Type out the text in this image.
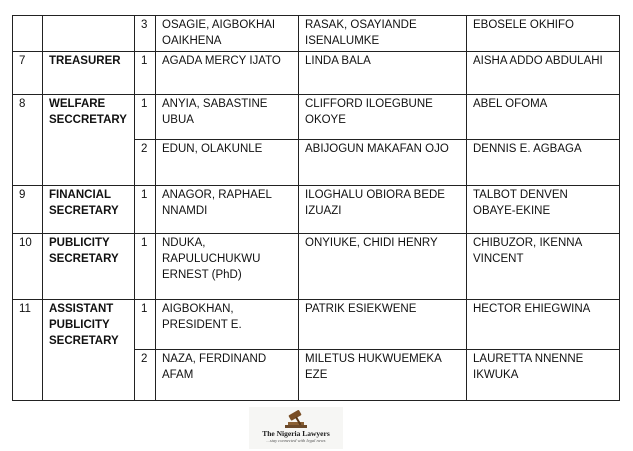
		3	OSAGIE, AIGBOKHAI OAIKHENA	RASAK, OSAYIANDE ISENALUMKE	EBOSELE OKHIFO
7	TREASURER	1	AGADA MERCY IJATO	LINDA BALA	AISHA ADDO ABDULAHI
8	WELFARE SECCRETARY	1	ANYIA, SABASTINE UBUA	CLIFFORD ILOEGBUNE OKOYE	ABEL OFOMA
		2	EDUN, OLAKUNLE	ABIJOGUN MAKAFAN OJO	DENNIS E. AGBAGA
9	FINANCIAL SECRETARY	1	ANAGOR, RAPHAEL NNAMDI	ILOGHALU OBIORA BEDE IZUAZI	TALBOT DENVEN OBAYE-EKINE
10	PUBLICITY SECRETARY	1	NDUKA, RAPULUCHUKWU ERNEST (PhD)	ONYIUKE, CHIDI HENRY	CHIBUZOR, IKENNA VINCENT
11	ASSISTANT PUBLICITY SECRETARY	1	AIGBOKHAN, PRESIDENT E.	PATRIK ESIEKWENE	HECTOR EHIEGWINA
		2	NAZA, FERDINAND AFAM	MILETUS HUKWUEMEKA EZE	LAURETTA NNENNE IKWUKA
The Nigeria Lawyers
...stay connected with legal news
